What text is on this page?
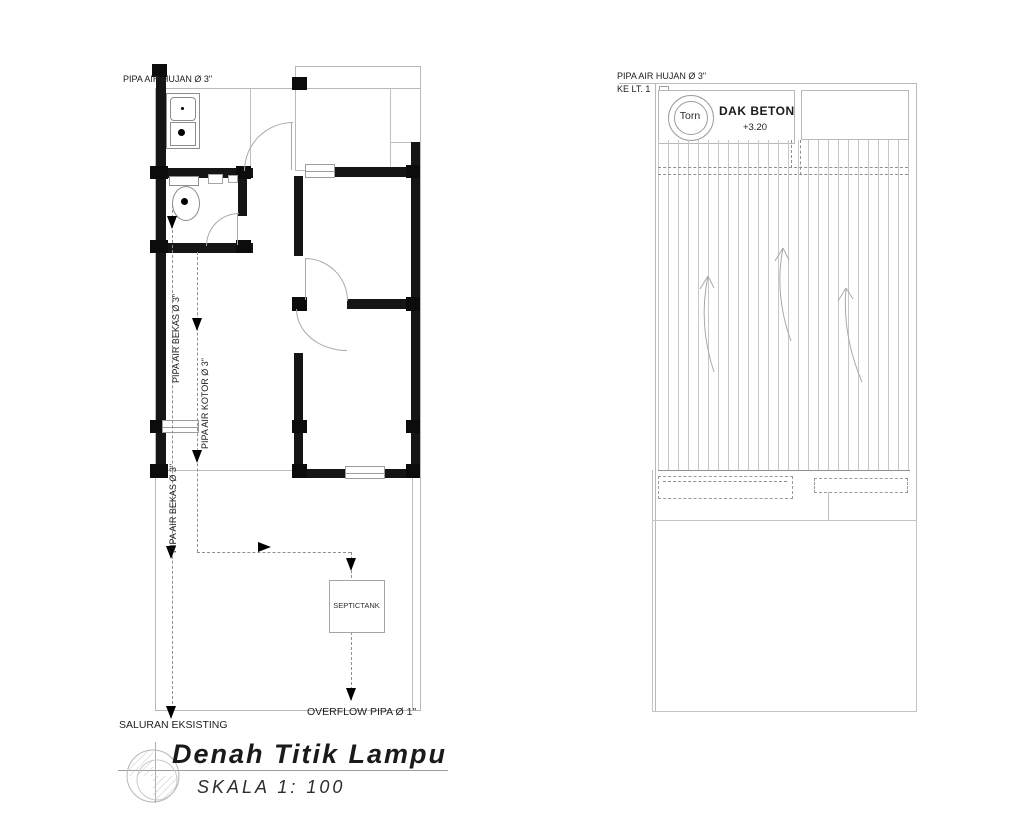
SEPTICTANK
PIPA AIR HUJAN Ø 3"
PIPA AIR BEKAS Ø 3"
PIPA AIR KOTOR Ø 3"
PIPA AIR BEKAS Ø 3"
OVERFLOW PIPA Ø 1"
SALURAN EKSISTING
Denah Titik Lampu
SKALA 1: 100
PIPA AIR HUJAN Ø 3"
KE LT. 1
Torn	DAK BETON
+3.20
